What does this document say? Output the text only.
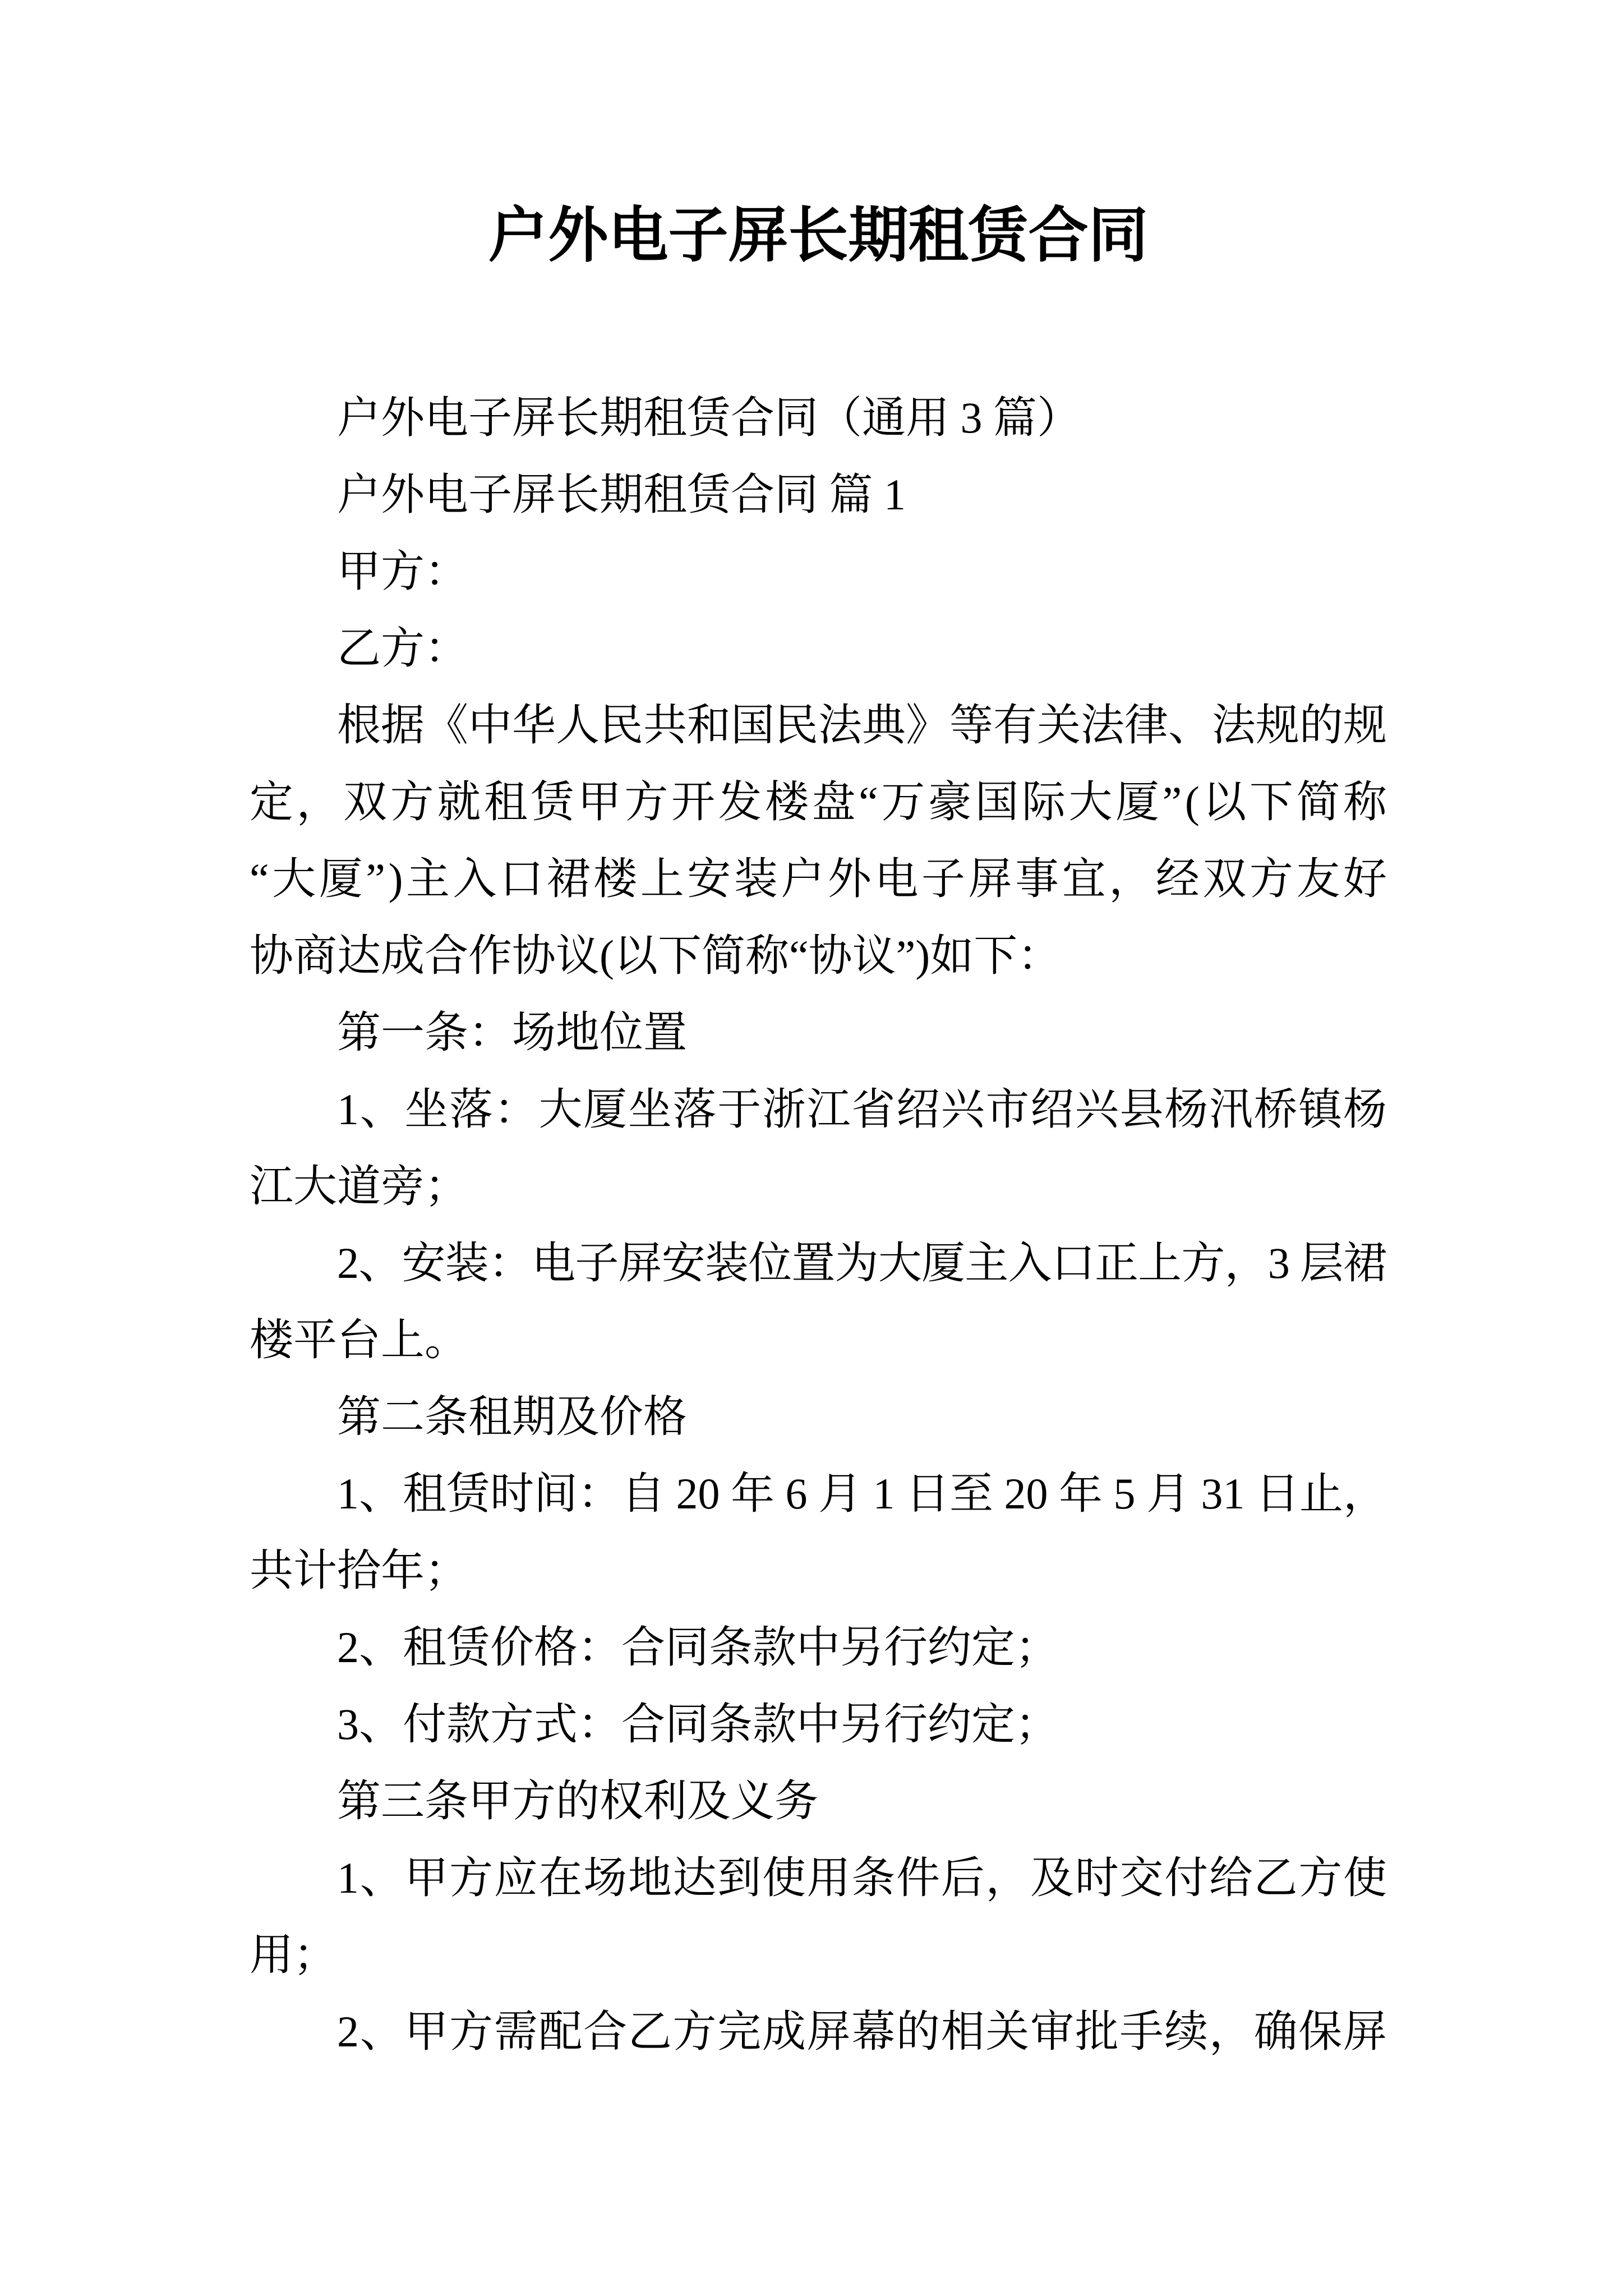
户外电子屏长期租赁合同
户外电子屏长期租赁合同（通用 3 篇）
户外电子屏长期租赁合同 篇 1
甲方：
乙方：
根据《中华人民共和国民法典》等有关法律、法规的规
定，双方就租赁甲方开发楼盘“万豪国际大厦”(以下简称
“大厦”)主入口裙楼上安装户外电子屏事宜，经双方友好
协商达成合作协议(以下简称“协议”)如下：
第一条：场地位置
1、坐落：大厦坐落于浙江省绍兴市绍兴县杨汛桥镇杨
江大道旁；
2、安装：电子屏安装位置为大厦主入口正上方，3 层裙
楼平台上。
第二条租期及价格
1、租赁时间：自 20 年 6 月 1 日至 20 年 5 月 31 日止，
共计拾年；
2、租赁价格：合同条款中另行约定；
3、付款方式：合同条款中另行约定；
第三条甲方的权利及义务
1、甲方应在场地达到使用条件后，及时交付给乙方使
用；
2、甲方需配合乙方完成屏幕的相关审批手续，确保屏
